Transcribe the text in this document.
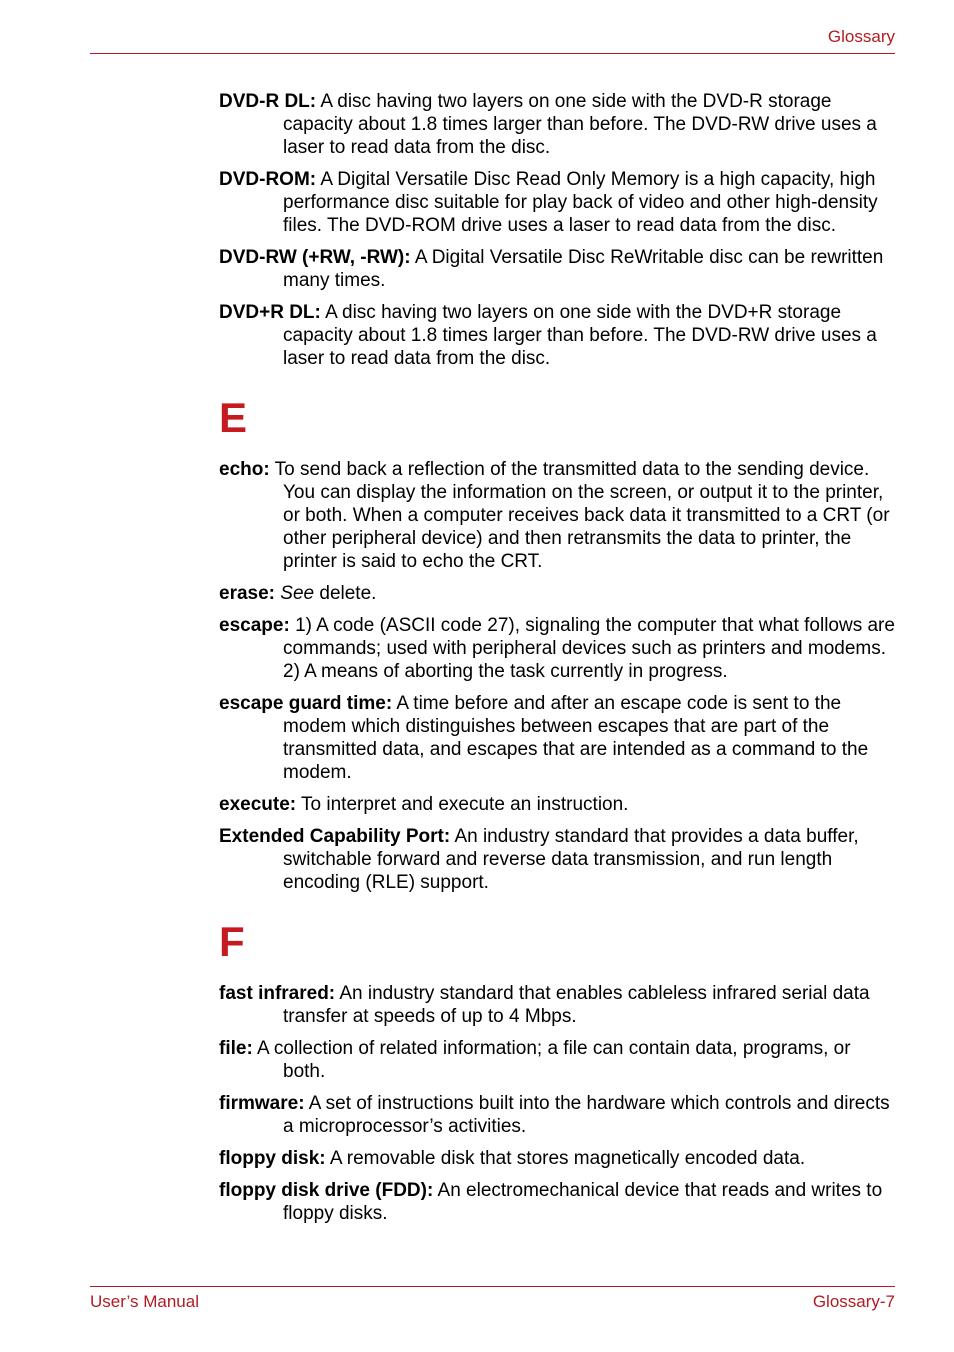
Glossary

DVD-R DL: A disc having two layers on one side with the DVD-R storage capacity about 1.8 times larger than before. The DVD-RW drive uses a laser to read data from the disc.

DVD-ROM: A Digital Versatile Disc Read Only Memory is a high capacity, high performance disc suitable for play back of video and other high-density files. The DVD-ROM drive uses a laser to read data from the disc.

DVD-RW (+RW, -RW): A Digital Versatile Disc ReWritable disc can be rewritten many times.

DVD+R DL: A disc having two layers on one side with the DVD+R storage capacity about 1.8 times larger than before. The DVD-RW drive uses a laser to read data from the disc.

E

echo: To send back a reflection of the transmitted data to the sending device. You can display the information on the screen, or output it to the printer, or both. When a computer receives back data it transmitted to a CRT (or other peripheral device) and then retransmits the data to printer, the printer is said to echo the CRT.

erase: See delete.

escape: 1) A code (ASCII code 27), signaling the computer that what follows are commands; used with peripheral devices such as printers and modems.
2) A means of aborting the task currently in progress.

escape guard time: A time before and after an escape code is sent to the modem which distinguishes between escapes that are part of the transmitted data, and escapes that are intended as a command to the modem.

execute: To interpret and execute an instruction.

Extended Capability Port: An industry standard that provides a data buffer, switchable forward and reverse data transmission, and run length encoding (RLE) support.

F

fast infrared: An industry standard that enables cableless infrared serial data transfer at speeds of up to 4 Mbps.

file: A collection of related information; a file can contain data, programs, or both.

firmware: A set of instructions built into the hardware which controls and directs a microprocessor’s activities.

floppy disk: A removable disk that stores magnetically encoded data.

floppy disk drive (FDD): An electromechanical device that reads and writes to floppy disks.

User’s Manual	Glossary-7
